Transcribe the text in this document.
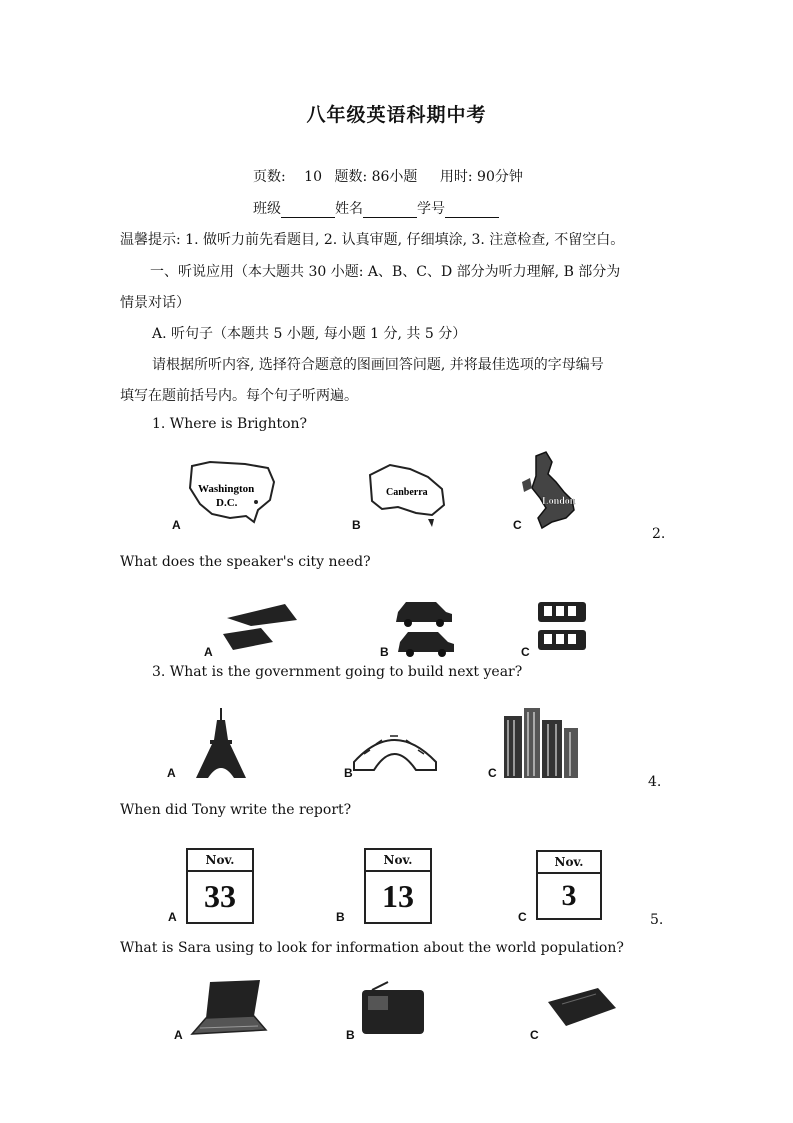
八年级英语科期中考
页数: 10 题数: 86小题 用时: 90分钟
班级	姓名	学号
温馨提示: 1. 做听力前先看题目, 2. 认真审题, 仔细填涂, 3. 注意检查, 不留空白。
一、听说应用（本大题共 30 小题: A、B、C、D 部分为听力理解, B 部分为
情景对话）
A. 听句子（本题共 5 小题, 每小题 1 分, 共 5 分）
请根据所听内容, 选择符合题意的图画回答问题, 并将最佳选项的字母编号
填写在题前括号内。每个句子听两遍。
1. Where is Brighton?
Washington
D.C.
A
Canberra
B
London
C
2.
What does the speaker's city need?
A	B	C
3. What is the government going to build next year?
A	B	C
4.
When did Tony write the report?
Nov.
33
A
Nov.
13
B
Nov.
3
C	5.
What is Sara using to look for information about the world population?
A	B	C
